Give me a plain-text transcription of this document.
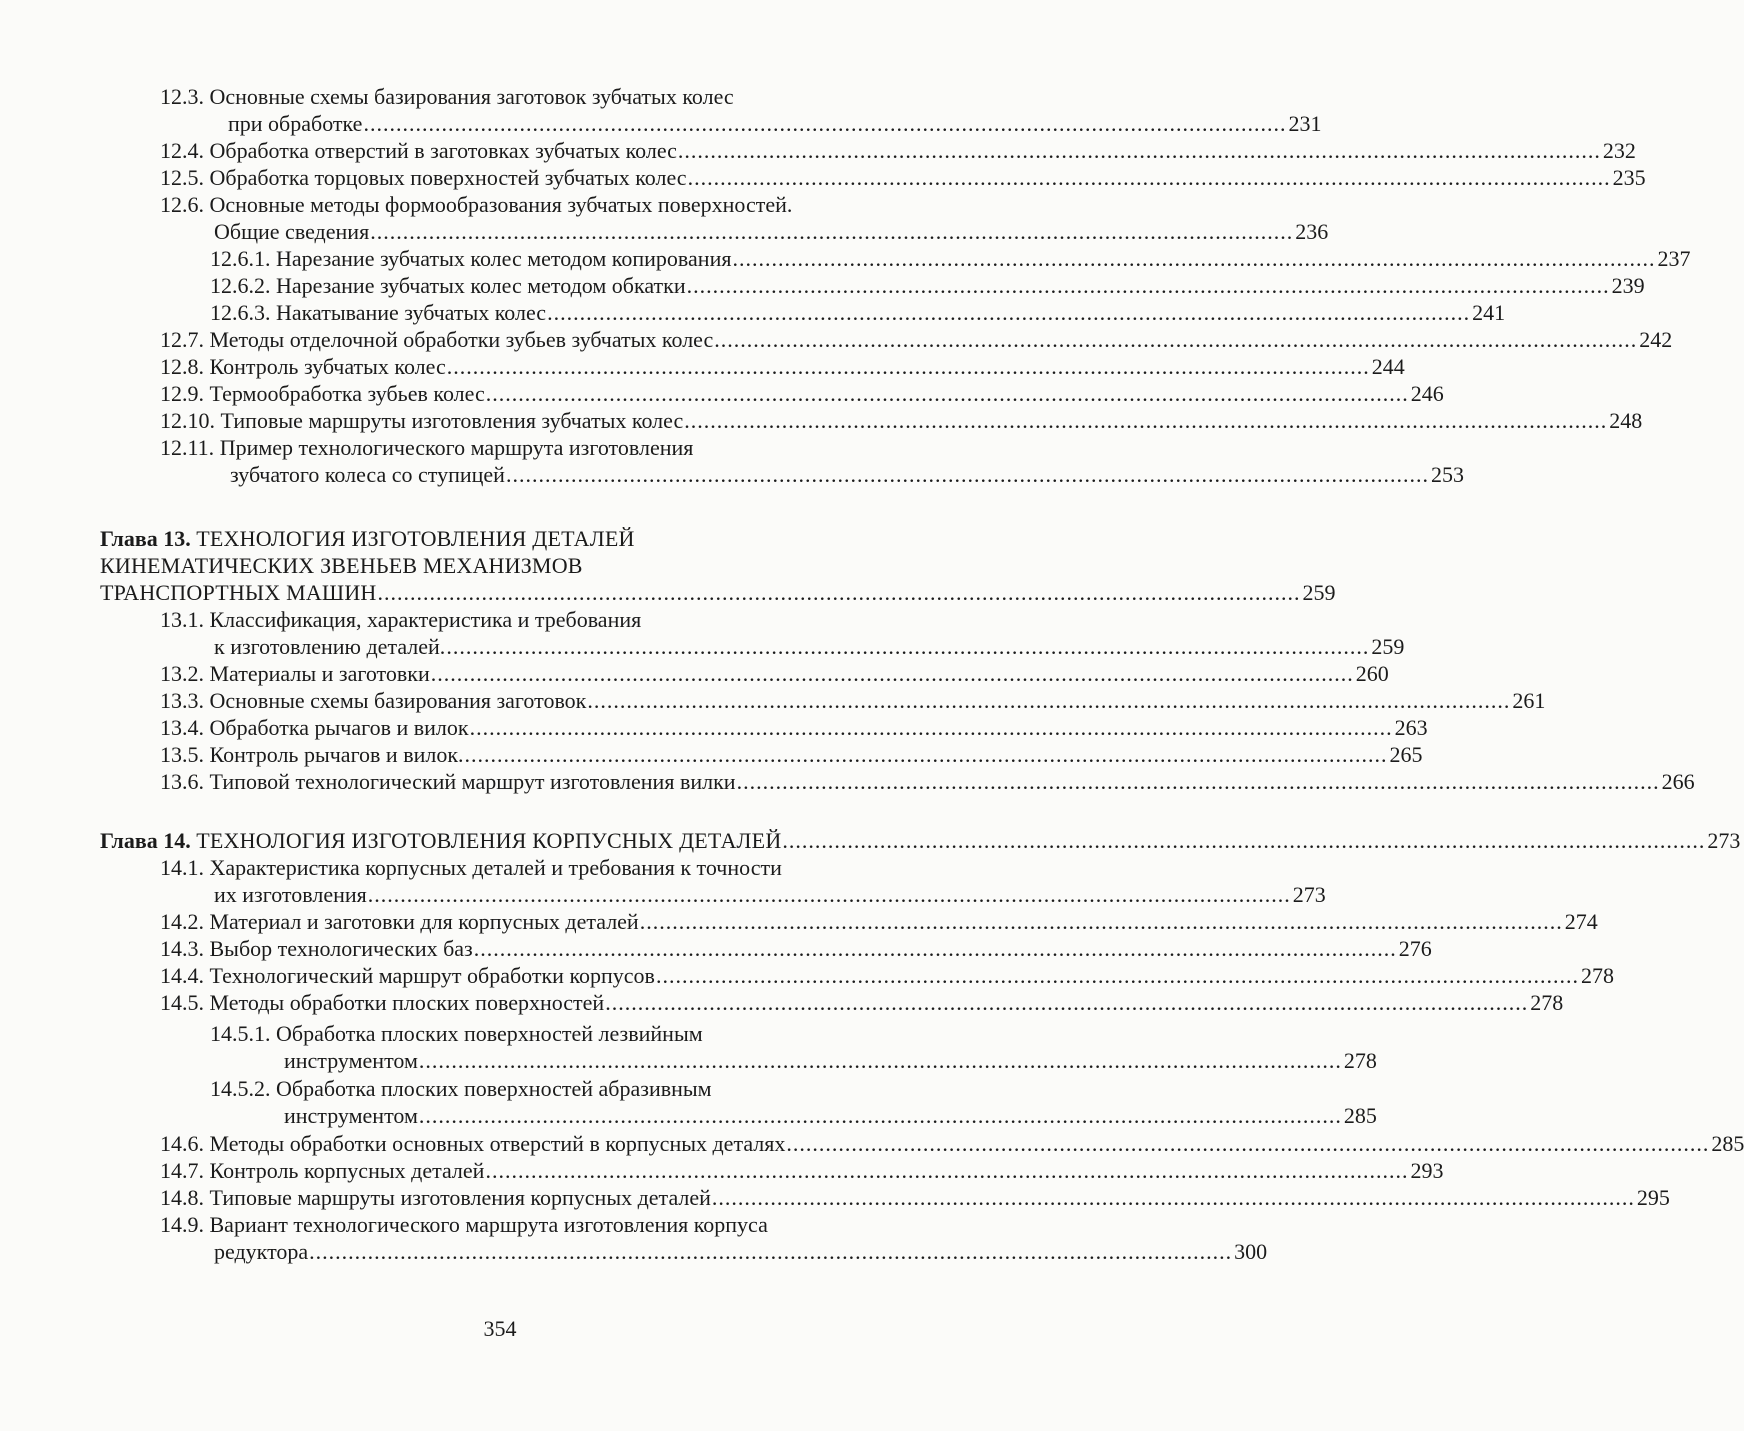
12.3.
Основные схемы базирования заготовок зубчатых колес
при обработке .............................................................................................................................................. 231
12.4.
Обработка отверстий в заготовках зубчатых колес .............................................................................................................................................. 232
12.5.
Обработка торцовых поверхностей зубчатых колес .............................................................................................................................................. 235
12.6.
Основные методы формообразования зубчатых поверхностей.
Общие сведения .............................................................................................................................................. 236
12.6.1.
Нарезание зубчатых колес методом копирования .............................................................................................................................................. 237
12.6.2.
Нарезание зубчатых колес методом обкатки .............................................................................................................................................. 239
12.6.3.
Накатывание зубчатых колес .............................................................................................................................................. 241
12.7.
Методы отделочной обработки зубьев зубчатых колес .............................................................................................................................................. 242
12.8.
Контроль зубчатых колес .............................................................................................................................................. 244
12.9.
Термообработка зубьев колес .............................................................................................................................................. 246
12.10.
Типовые маршруты изготовления зубчатых колес .............................................................................................................................................. 248
12.11.
Пример технологического маршрута изготовления
зубчатого колеса со ступицей .............................................................................................................................................. 253
Глава 13.
ТЕХНОЛОГИЯ ИЗГОТОВЛЕНИЯ ДЕТАЛЕЙ
КИНЕМАТИЧЕСКИХ ЗВЕНЬЕВ МЕХАНИЗМОВ
ТРАНСПОРТНЫХ МАШИН .............................................................................................................................................. 259
13.1.
Классификация, характеристика и требования
к изготовлению деталей. .............................................................................................................................................. 259
13.2.
Материалы и заготовки .............................................................................................................................................. 260
13.3.
Основные схемы базирования заготовок .............................................................................................................................................. 261
13.4.
Обработка рычагов и вилок .............................................................................................................................................. 263
13.5.
Контроль рычагов и вилок. .............................................................................................................................................. 265
13.6.
Типовой технологический маршрут изготовления вилки .............................................................................................................................................. 266
Глава 14.
ТЕХНОЛОГИЯ ИЗГОТОВЛЕНИЯ КОРПУСНЫХ ДЕТАЛЕЙ .............................................................................................................................................. 273
14.1.
Характеристика корпусных деталей и требования к точности
их изготовления .............................................................................................................................................. 273
14.2.
Материал и заготовки для корпусных деталей .............................................................................................................................................. 274
14.3.
Выбор технологических баз .............................................................................................................................................. 276
14.4.
Технологический маршрут обработки корпусов .............................................................................................................................................. 278
14.5.
Методы обработки плоских поверхностей .............................................................................................................................................. 278
14.5.1.
Обработка плоских поверхностей лезвийным
инструментом .............................................................................................................................................. 278
14.5.2.
Обработка плоских поверхностей абразивным
инструментом .............................................................................................................................................. 285
14.6.
Методы обработки основных отверстий в корпусных деталях .............................................................................................................................................. 285
14.7.
Контроль корпусных деталей .............................................................................................................................................. 293
14.8.
Типовые маршруты изготовления корпусных деталей .............................................................................................................................................. 295
14.9.
Вариант технологического маршрута изготовления корпуса
редуктора .............................................................................................................................................. 300
354
